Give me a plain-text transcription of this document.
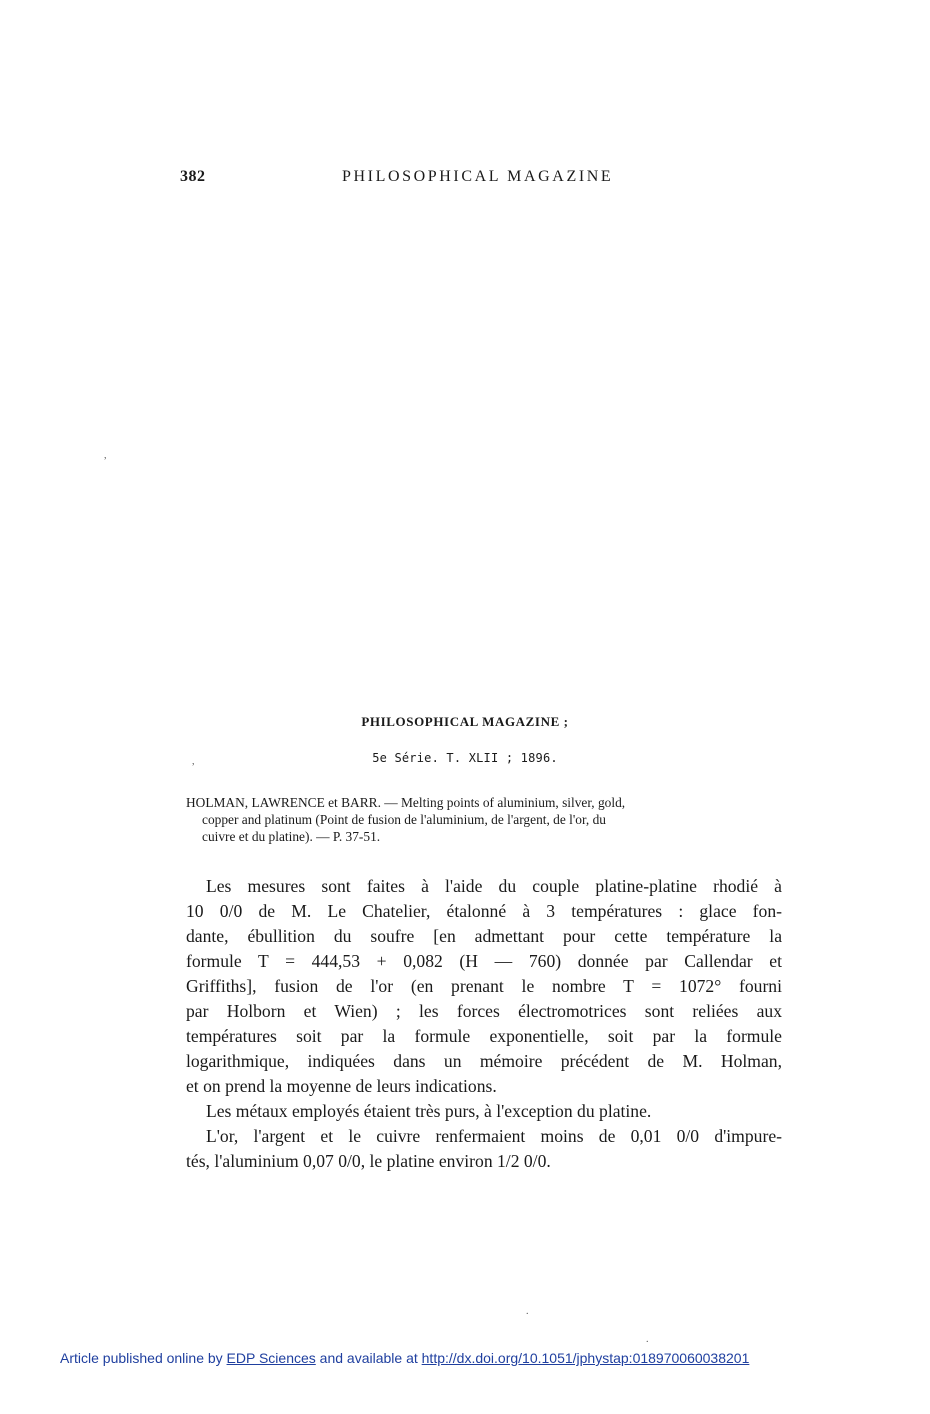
382	PHILOSOPHICAL MAGAZINE
,
,
.
.
PHILOSOPHICAL MAGAZINE ;
5e Série. T. XLII ; 1896.
HOLMAN, LAWRENCE et BARR. — Melting points of aluminium, silver, gold,
copper and platinum (Point de fusion de l'aluminium, de l'argent, de l'or, du
cuivre et du platine). — P. 37-51.
Les mesures sont faites à l'aide du couple platine-platine rhodié à
10 0/0 de M. Le Chatelier, étalonné à 3 températures : glace fon-
dante, ébullition du soufre [en admettant pour cette température la
formule T = 444,53 + 0,082 (H — 760) donnée par Callendar et
Griffiths], fusion de l'or (en prenant le nombre T = 1072° fourni
par Holborn et Wien) ; les forces électromotrices sont reliées aux
températures soit par la formule exponentielle, soit par la formule
logarithmique, indiquées dans un mémoire précédent de M. Holman,
et on prend la moyenne de leurs indications.
Les métaux employés étaient très purs, à l'exception du platine.
L'or, l'argent et le cuivre renfermaient moins de 0,01 0/0 d'impure-
tés, l'aluminium 0,07 0/0, le platine environ 1/2 0/0.
Article published online by EDP Sciences and available at http://dx.doi.org/10.1051/jphystap:018970060038201
